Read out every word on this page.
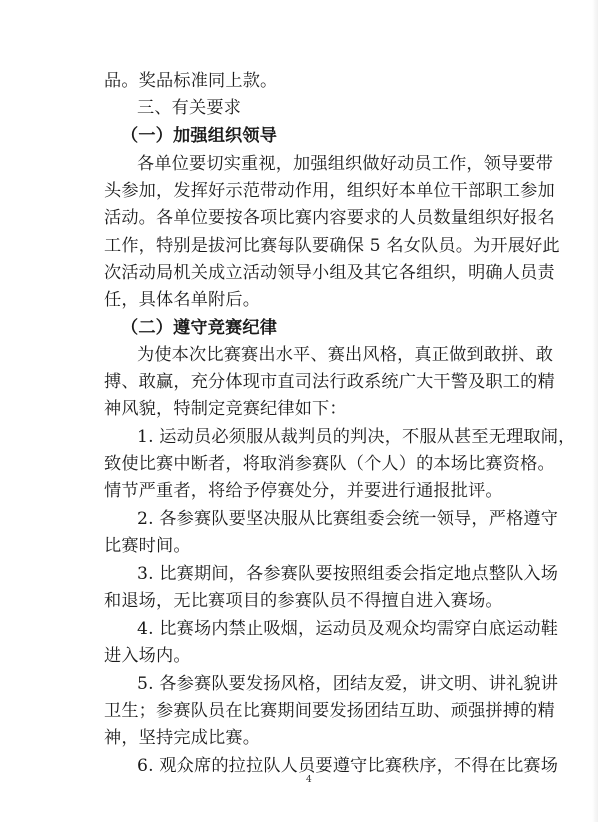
品。奖品标准同上款。
三、有关要求
（一）加强组织领导
各单位要切实重视，加强组织做好动员工作，领导要带
头参加，发挥好示范带动作用，组织好本单位干部职工参加
活动。各单位要按各项比赛内容要求的人员数量组织好报名
工作，特别是拔河比赛每队要确保 5 名女队员。为开展好此
次活动局机关成立活动领导小组及其它各组织，明确人员责
任，具体名单附后。
（二）遵守竞赛纪律
为使本次比赛赛出水平、赛出风格，真正做到敢拼、敢
搏、敢赢，充分体现市直司法行政系统广大干警及职工的精
神风貌，特制定竞赛纪律如下：
1. 运动员必须服从裁判员的判决，不服从甚至无理取闹，
致使比赛中断者，将取消参赛队（个人）的本场比赛资格。
情节严重者，将给予停赛处分，并要进行通报批评。
2. 各参赛队要坚决服从比赛组委会统一领导，严格遵守
比赛时间。
3. 比赛期间，各参赛队要按照组委会指定地点整队入场
和退场，无比赛项目的参赛队员不得擅自进入赛场。
4. 比赛场内禁止吸烟，运动员及观众均需穿白底运动鞋
进入场内。
5. 各参赛队要发扬风格，团结友爱，讲文明、讲礼貌讲
卫生；参赛队员在比赛期间要发扬团结互助、顽强拼搏的精
神，坚持完成比赛。
6. 观众席的拉拉队人员要遵守比赛秩序，不得在比赛场
4
